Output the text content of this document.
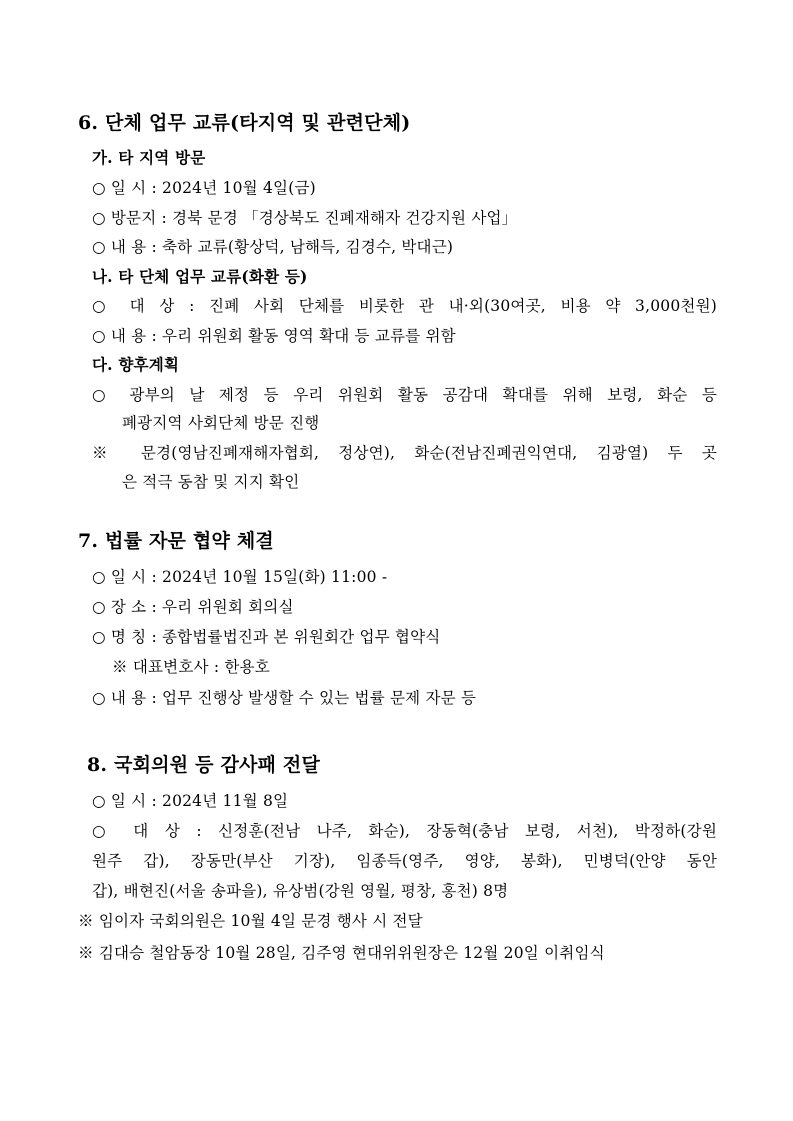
6. 단체 업무 교류(타지역 및 관련단체)
가. 타 지역 방문
○ 일 시 : 2024년 10월 4일(금)
○ 방문지 : 경북 문경 「경상북도 진폐재해자 건강지원 사업」
○ 내 용 : 축하 교류(황상덕, 남해득, 김경수, 박대근)
나. 타 단체 업무 교류(화환 등)
○ 대 상 : 진폐 사회 단체를 비롯한 관 내·외(30여곳, 비용 약 3,000천원)
○ 내 용 : 우리 위원회 활동 영역 확대 등 교류를 위함
다. 향후계획
○ 광부의 날 제정 등 우리 위원회 활동 공감대 확대를 위해 보령, 화순 등
폐광지역 사회단체 방문 진행
※ 문경(영남진폐재해자협회, 정상연), 화순(전남진폐권익연대, 김광열) 두 곳
은 적극 동참 및 지지 확인
7. 법률 자문 협약 체결
○ 일 시 : 2024년 10월 15일(화) 11:00 -
○ 장 소 : 우리 위원회 회의실
○ 명 칭 : 종합법률법진과 본 위원회간 업무 협약식
※ 대표변호사 : 한용호
○ 내 용 : 업무 진행상 발생할 수 있는 법률 문제 자문 등
8. 국회의원 등 감사패 전달
○ 일 시 : 2024년 11월 8일
○ 대 상 : 신정훈(전남 나주, 화순), 장동혁(충남 보령, 서천), 박정하(강원
원주 갑), 장동만(부산 기장), 임종득(영주, 영양, 봉화), 민병덕(안양 동안
갑), 배현진(서울 송파을), 유상범(강원 영월, 평창, 홍천) 8명
※ 임이자 국회의원은 10월 4일 문경 행사 시 전달
※ 김대승 철암동장 10월 28일, 김주영 현대위위원장은 12월 20일 이취임식
